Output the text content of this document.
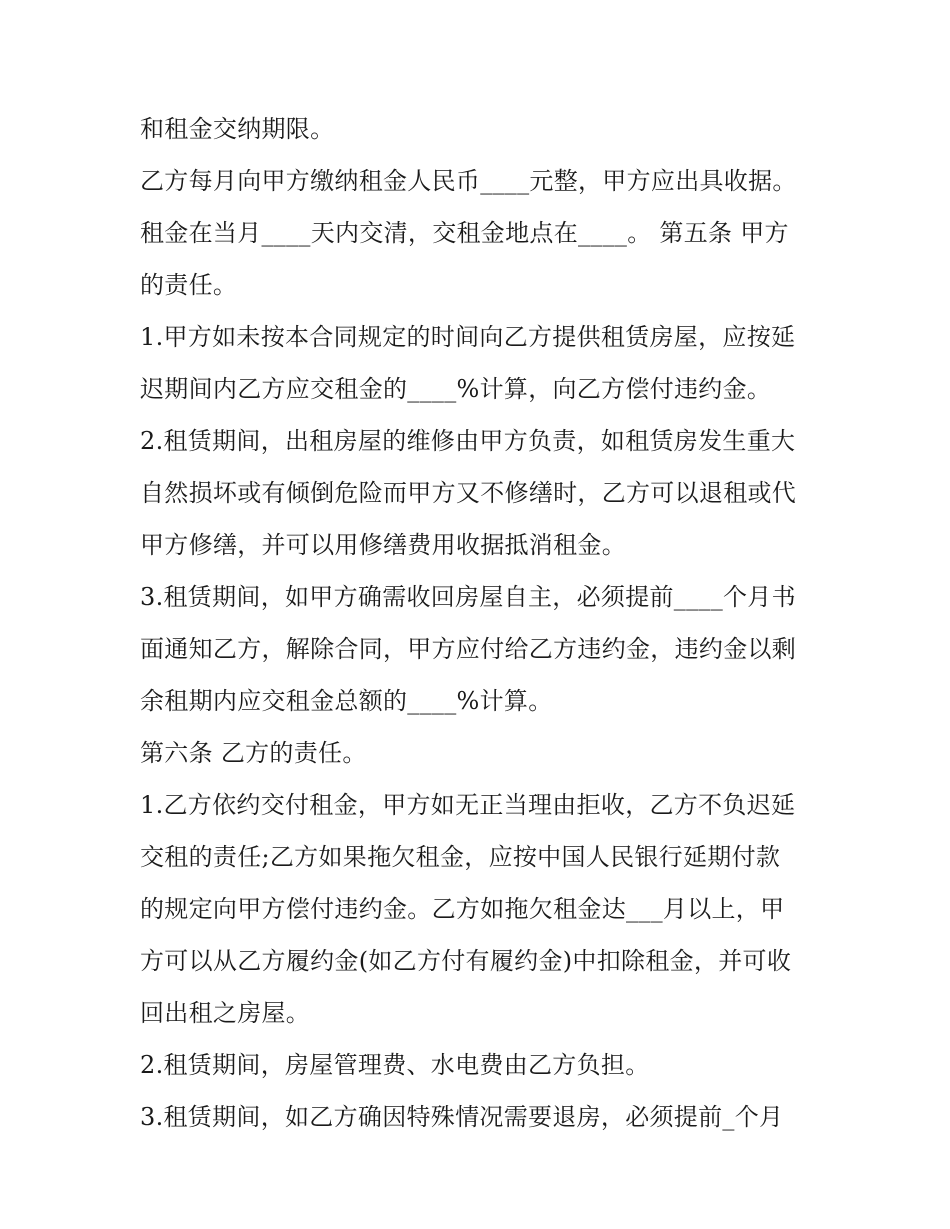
和租金交纳期限。
乙方每月向甲方缴纳租金人民币____元整，甲方应出具收据。
租金在当月____天内交清，交租金地点在____。 第五条 甲方
的责任。
1.甲方如未按本合同规定的时间向乙方提供租赁房屋，应按延
迟期间内乙方应交租金的____%计算，向乙方偿付违约金。
2.租赁期间，出租房屋的维修由甲方负责，如租赁房发生重大
自然损坏或有倾倒危险而甲方又不修缮时，乙方可以退租或代
甲方修缮，并可以用修缮费用收据抵消租金。
3.租赁期间，如甲方确需收回房屋自主，必须提前____个月书
面通知乙方，解除合同，甲方应付给乙方违约金，违约金以剩
余租期内应交租金总额的____%计算。
第六条 乙方的责任。
1.乙方依约交付租金，甲方如无正当理由拒收，乙方不负迟延
交租的责任;乙方如果拖欠租金，应按中国人民银行延期付款
的规定向甲方偿付违约金。乙方如拖欠租金达___月以上，甲
方可以从乙方履约金(如乙方付有履约金)中扣除租金，并可收
回出租之房屋。
2.租赁期间，房屋管理费、水电费由乙方负担。
3.租赁期间，如乙方确因特殊情况需要退房，必须提前_个月
